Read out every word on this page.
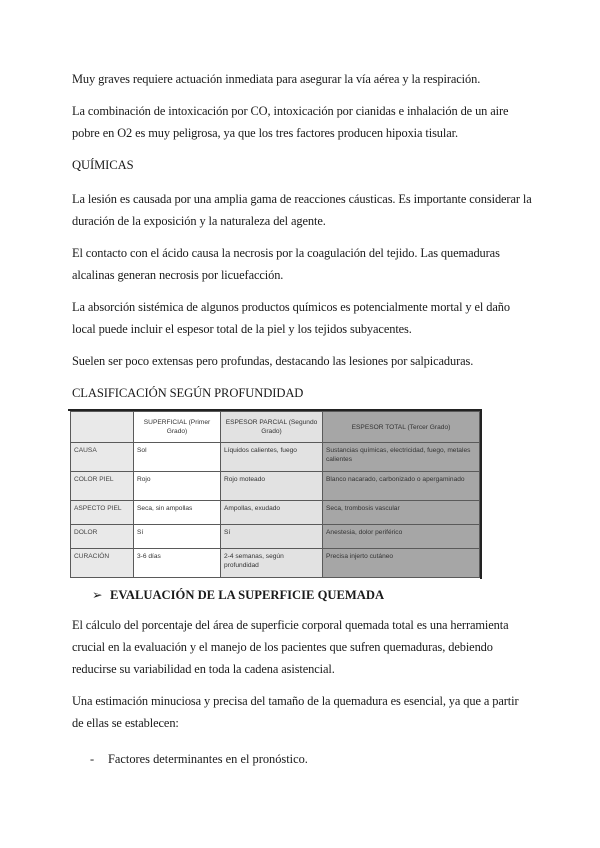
Muy graves requiere actuación inmediata para asegurar la vía aérea y la respiración.

La combinación de intoxicación por CO, intoxicación por cianidas e inhalación de un aire pobre en O2 es muy peligrosa, ya que los tres factores producen hipoxia tisular.

QUÍMICAS

La lesión es causada por una amplia gama de reacciones cáusticas. Es importante considerar la duración de la exposición y la naturaleza del agente.

El contacto con el ácido causa la necrosis por la coagulación del tejido. Las quemaduras alcalinas generan necrosis por licuefacción.

La absorción sistémica de algunos productos químicos es potencialmente mortal y el daño local puede incluir el espesor total de la piel y los tejidos subyacentes.

Suelen ser poco extensas pero profundas, destacando las lesiones por salpicaduras.

CLASIFICACIÓN SEGÚN PROFUNDIDAD

	SUPERFICIAL (Primer Grado)	ESPESOR PARCIAL (Segundo Grado)	ESPESOR TOTAL (Tercer Grado)
CAUSA	Sol	Líquidos calientes, fuego	Sustancias químicas, electricidad, fuego, metales calientes
COLOR PIEL	Rojo	Rojo moteado	Blanco nacarado, carbonizado o apergaminado
ASPECTO PIEL	Seca, sin ampollas	Ampollas, exudado	Seca, trombosis vascular
DOLOR	Sí	Sí	Anestesia, dolor periférico
CURACIÓN	3-6 días	2-4 semanas, según profundidad	Precisa injerto cutáneo
➢ EVALUACIÓN DE LA SUPERFICIE QUEMADA

El cálculo del porcentaje del área de superficie corporal quemada total es una herramienta crucial en la evaluación y el manejo de los pacientes que sufren quemaduras, debiendo reducirse su variabilidad en toda la cadena asistencial.

Una estimación minuciosa y precisa del tamaño de la quemadura es esencial, ya que a partir de ellas se establecen:

- Factores determinantes en el pronóstico.
